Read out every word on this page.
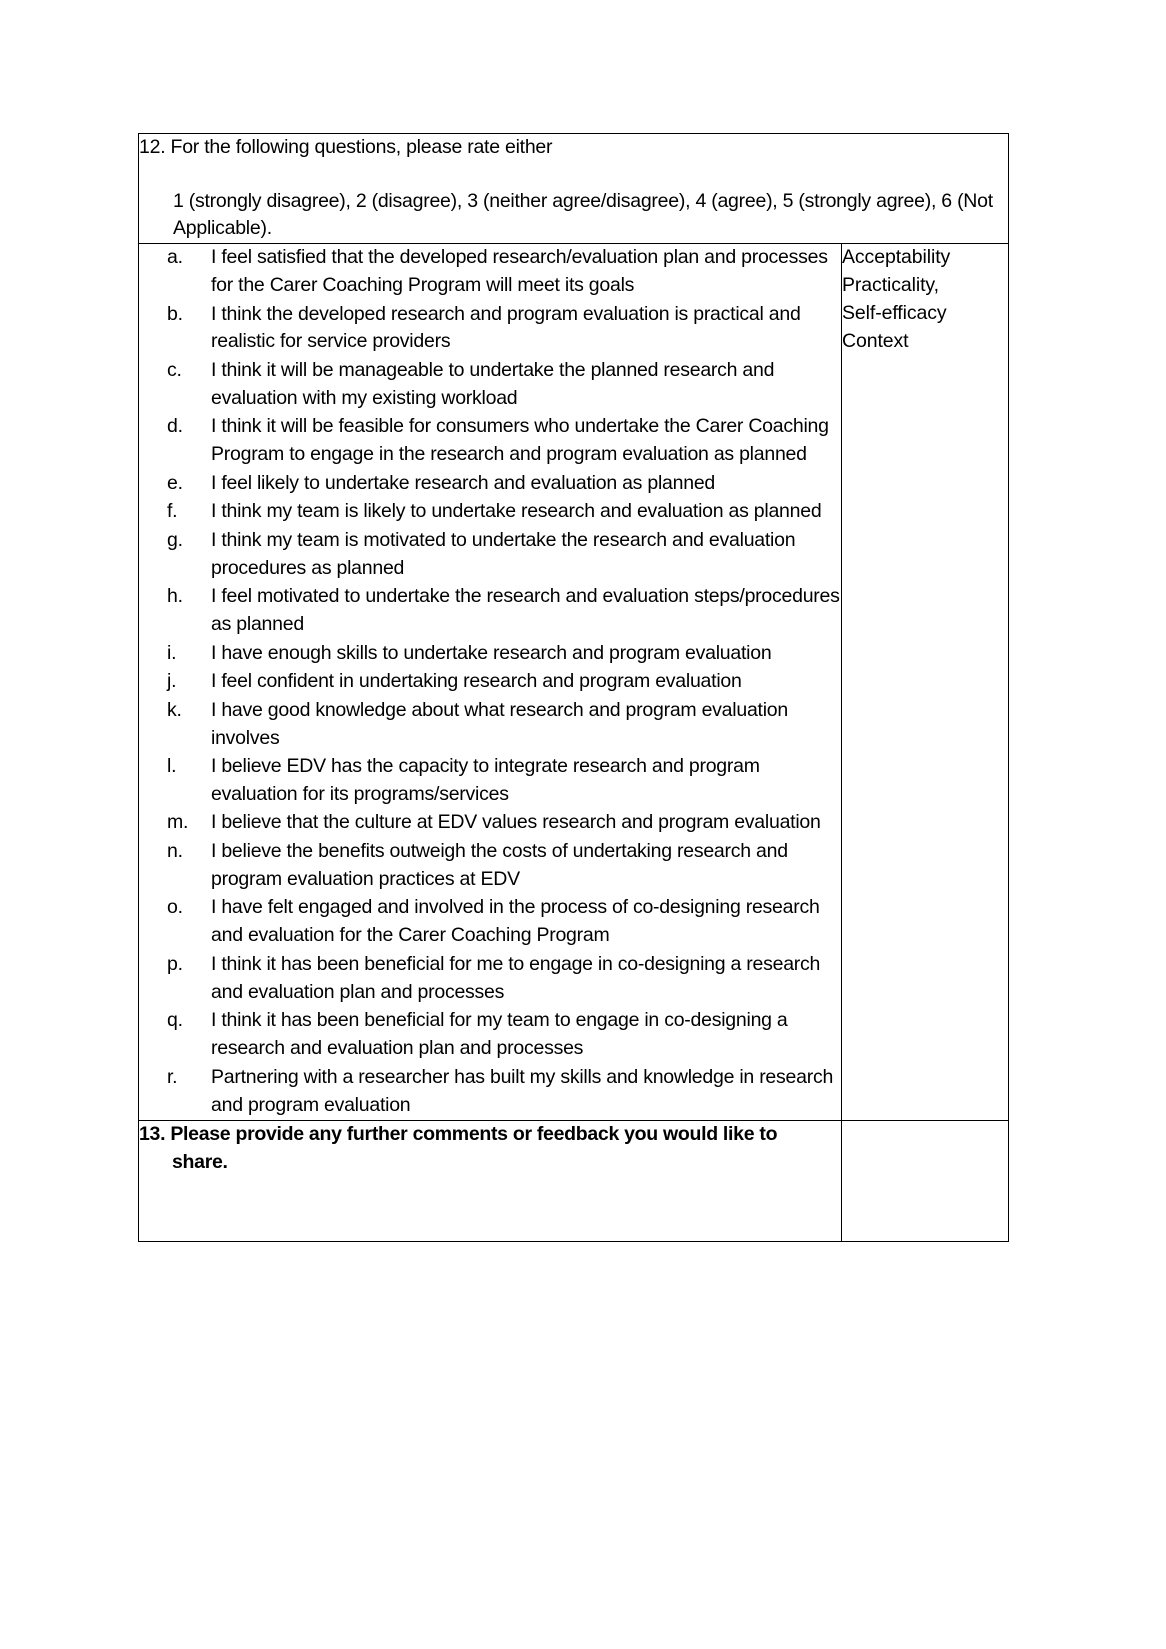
12. For the following questions, please rate either
1 (strongly disagree), 2 (disagree), 3 (neither agree/disagree), 4 (agree), 5 (strongly agree), 6 (Not Applicable).	

a.	I feel satisfied that the developed research/evaluation plan and processes for the Carer Coaching Program will meet its goals
b.	I think the developed research and program evaluation is practical and realistic for service providers
c.	I think it will be manageable to undertake the planned research and evaluation with my existing workload
d.	I think it will be feasible for consumers who undertake the Carer Coaching Program to engage in the research and program evaluation as planned
e.	I feel likely to undertake research and evaluation as planned
f.	I think my team is likely to undertake research and evaluation as planned
g.	I think my team is motivated to undertake the research and evaluation procedures as planned
h.	I feel motivated to undertake the research and evaluation steps/procedures as planned
i.	I have enough skills to undertake research and program evaluation
j.	I feel confident in undertaking research and program evaluation
k.	I have good knowledge about what research and program evaluation involves
l.	I believe EDV has the capacity to integrate research and program evaluation for its programs/services
m.	I believe that the culture at EDV values research and program evaluation
n.	I believe the benefits outweigh the costs of undertaking research and program evaluation practices at EDV
o.	I have felt engaged and involved in the process of co-designing research and evaluation for the Carer Coaching Program
p.	I think it has been beneficial for me to engage in co-designing a research and evaluation plan and processes
q.	I think it has been beneficial for my team to engage in co-designing a research and evaluation plan and processes
r.	Partnering with a researcher has built my skills and knowledge in research and program evaluation

Acceptability
Practicality,
Self-efficacy
Context

13. Please provide any further comments or feedback you would like to
share.	
